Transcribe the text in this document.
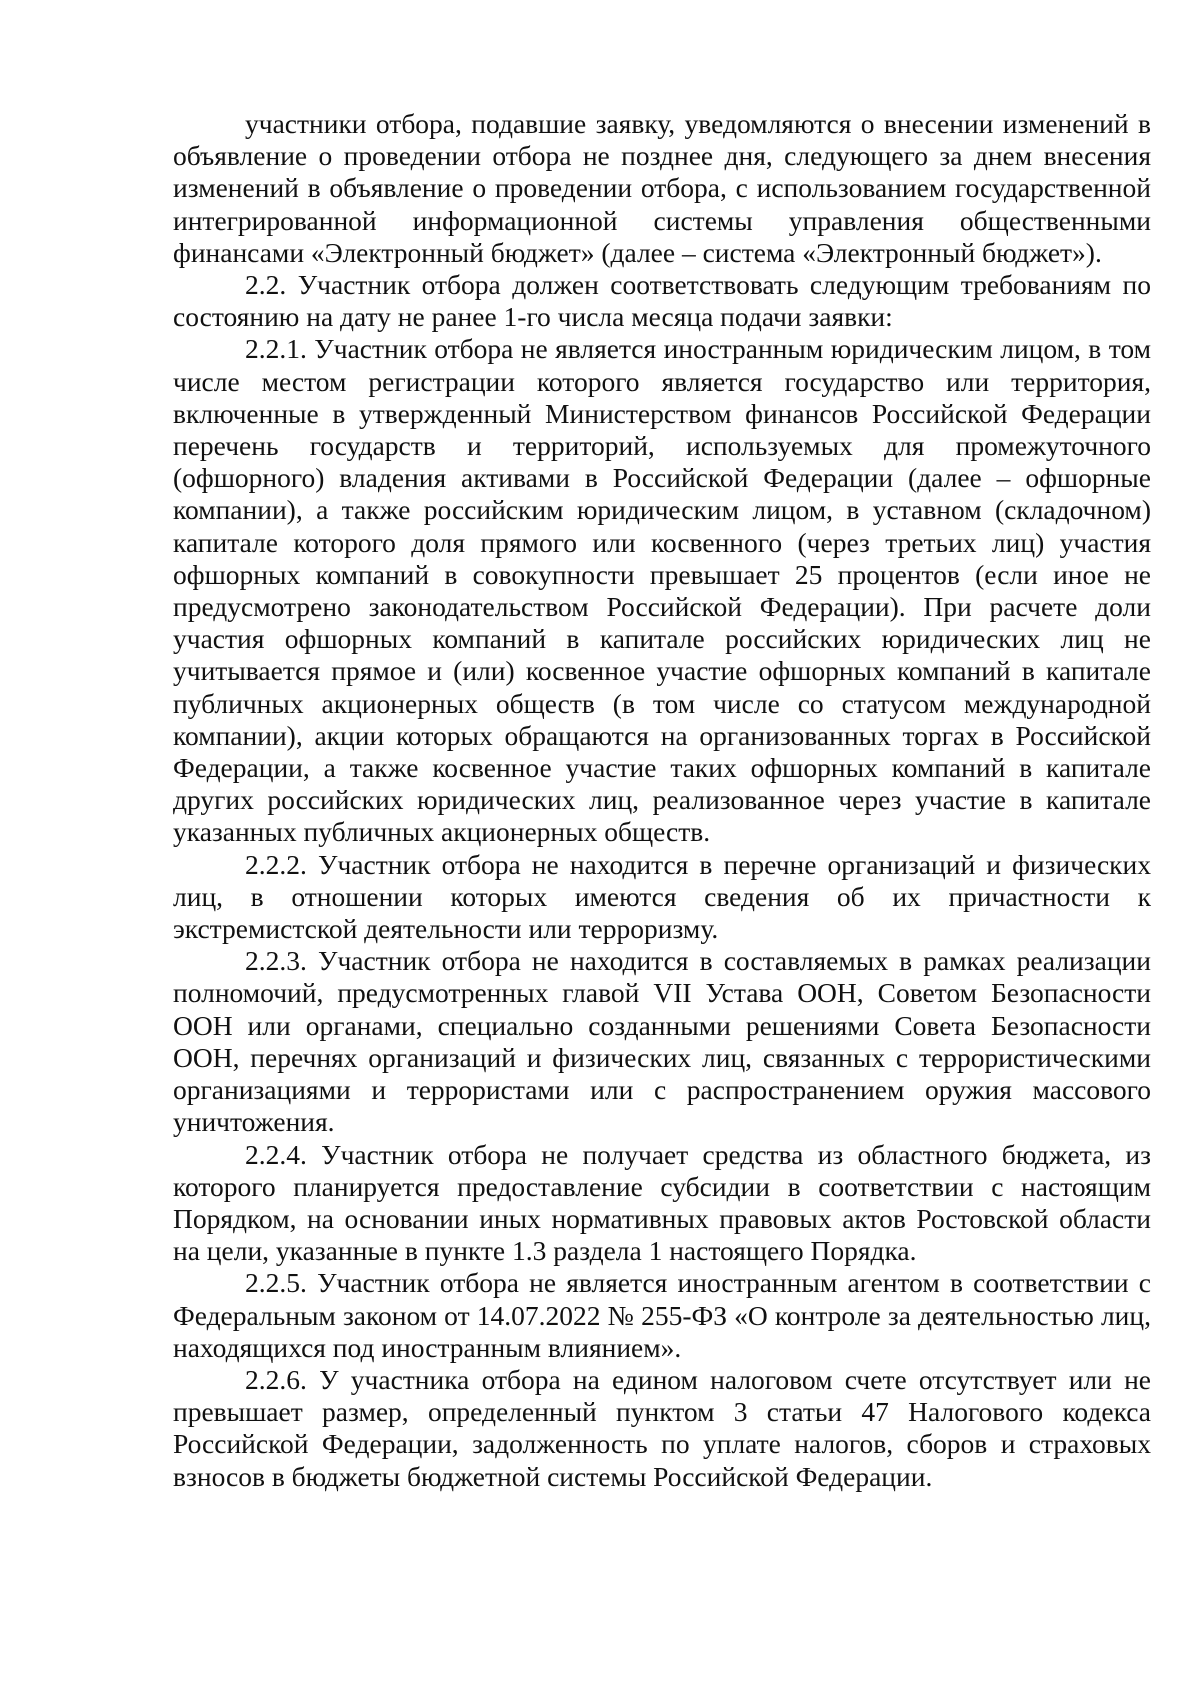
участники отбора, подавшие заявку, уведомляются о внесении изменений в объявление о проведении отбора не позднее дня, следующего за днем внесения изменений в объявление о проведении отбора, с использованием государственной интегрированной информационной системы управления общественными финансами «Электронный бюджет» (далее – система «Электронный бюджет»).

2.2. Участник отбора должен соответствовать следующим требованиям по состоянию на дату не ранее 1-го числа месяца подачи заявки:

2.2.1. Участник отбора не является иностранным юридическим лицом, в том числе местом регистрации которого является государство или территория, включенные в утвержденный Министерством финансов Российской Федерации перечень государств и территорий, используемых для промежуточного (офшорного) владения активами в Российской Федерации (далее – офшорные компании), а также российским юридическим лицом, в уставном (складочном) капитале которого доля прямого или косвенного (через третьих лиц) участия офшорных компаний в совокупности превышает 25 процентов (если иное не предусмотрено законодательством Российской Федерации). При расчете доли участия офшорных компаний в капитале российских юридических лиц не учитывается прямое и (или) косвенное участие офшорных компаний в капитале публичных акционерных обществ (в том числе со статусом международной компании), акции которых обращаются на организованных торгах в Российской Федерации, а также косвенное участие таких офшорных компаний в капитале других российских юридических лиц, реализованное через участие в капитале указанных публичных акционерных обществ.

2.2.2. Участник отбора не находится в перечне организаций и физических лиц, в отношении которых имеются сведения об их причастности к экстремистской деятельности или терроризму.

2.2.3. Участник отбора не находится в составляемых в рамках реализации полномочий, предусмотренных главой VII Устава ООН, Советом Безопасности ООН или органами, специально созданными решениями Совета Безопасности ООН, перечнях организаций и физических лиц, связанных с террористическими организациями и террористами или с распространением оружия массового уничтожения.

2.2.4. Участник отбора не получает средства из областного бюджета, из которого планируется предоставление субсидии в соответствии с настоящим Порядком, на основании иных нормативных правовых актов Ростовской области на цели, указанные в пункте 1.3 раздела 1 настоящего Порядка.

2.2.5. Участник отбора не является иностранным агентом в соответствии с Федеральным законом от 14.07.2022 № 255-ФЗ «О контроле за деятельностью лиц, находящихся под иностранным влиянием».

2.2.6. У участника отбора на едином налоговом счете отсутствует или не превышает размер, определенный пунктом 3 статьи 47 Налогового кодекса Российской Федерации, задолженность по уплате налогов, сборов и страховых взносов в бюджеты бюджетной системы Российской Федерации.
